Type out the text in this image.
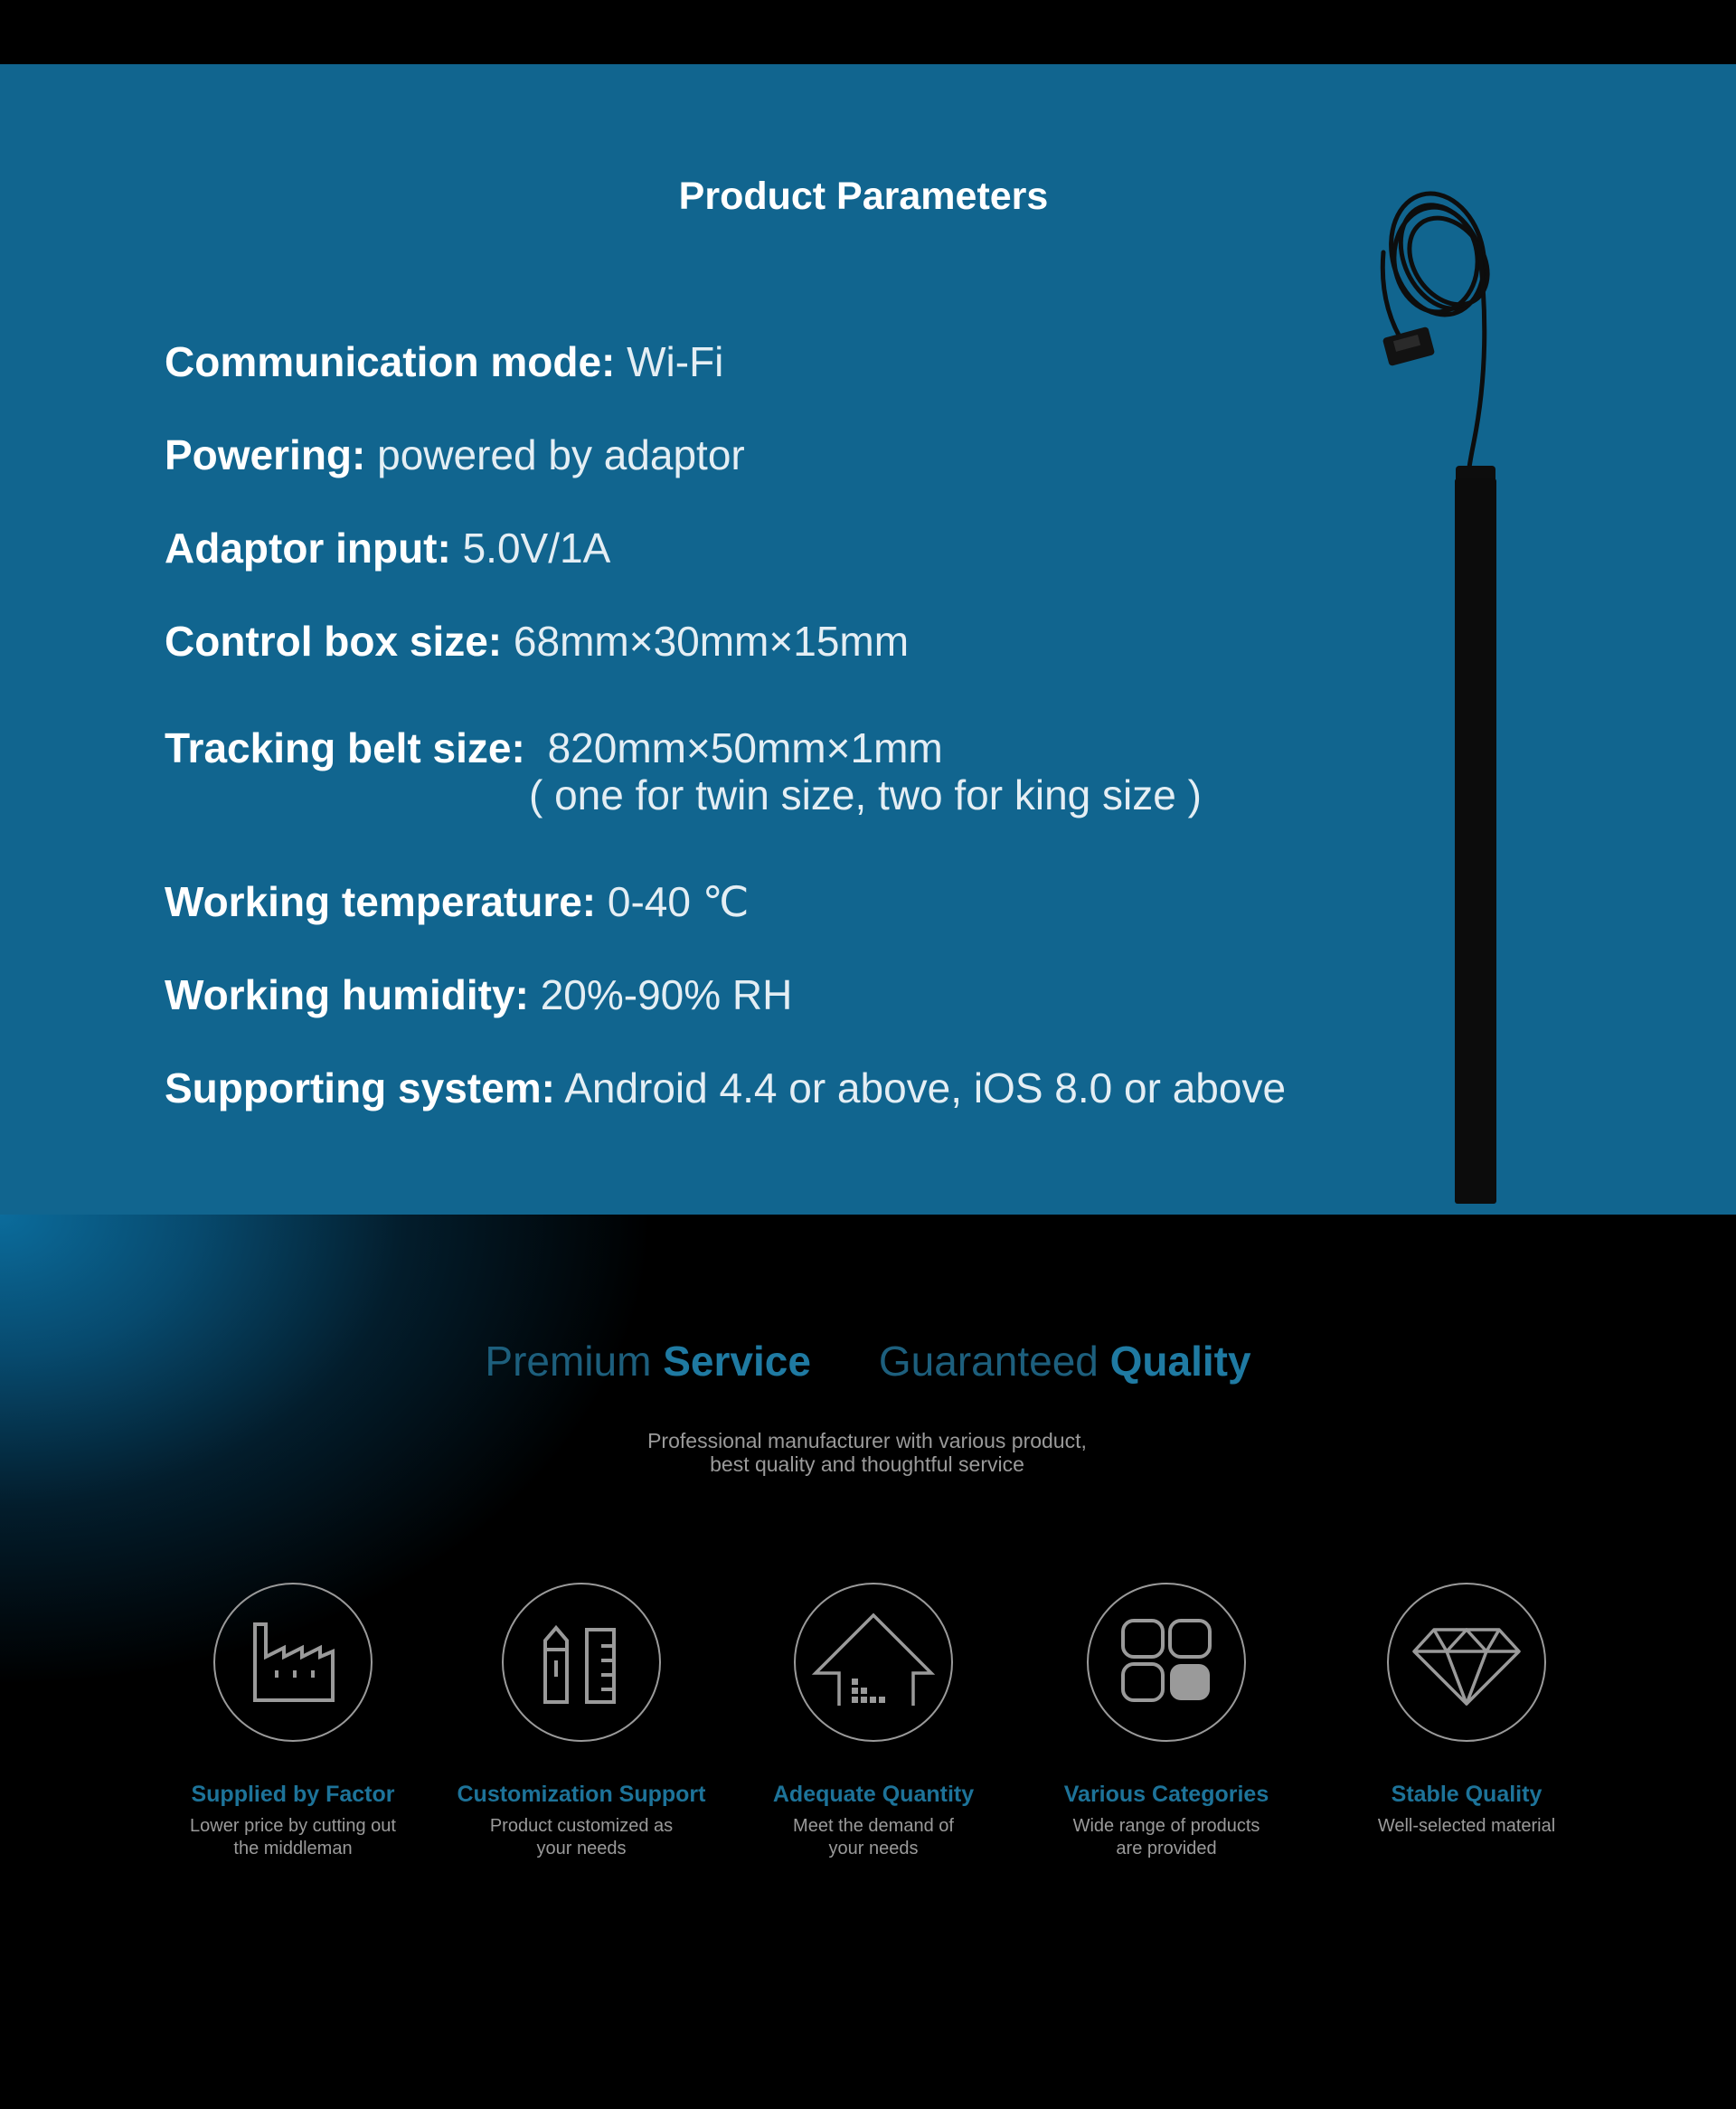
Product Parameters
Communication mode: Wi-Fi
Powering: powered by adaptor
Adaptor input: 5.0V/1A
Control box size: 68mm×30mm×15mm
Tracking belt size: 820mm×50mm×1mm
( one for twin size, two for king size )
Working temperature: 0-40 ℃
Working humidity: 20%-90% RH
Supporting system: Android 4.4 or above, iOS 8.0 or above
Premium Service Guaranteed Quality
Professional manufacturer with various product,
best quality and thoughtful service
Supplied by Factor
Lower price by cutting out
the middleman
Customization Support
Product customized as
your needs
Adequate Quantity
Meet the demand of
your needs
Various Categories
Wide range of products
are provided
Stable Quality
Well-selected material
